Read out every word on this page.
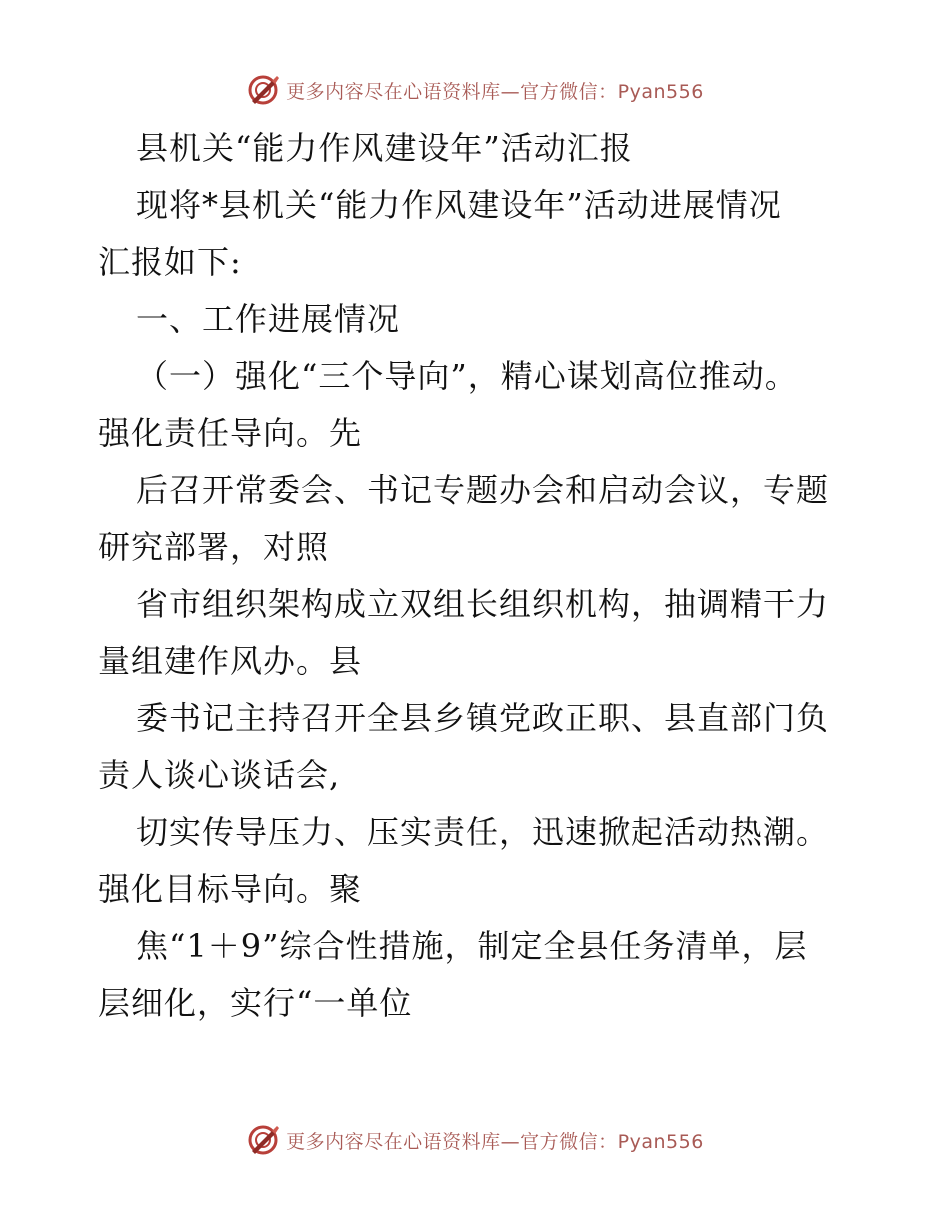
更多内容尽在心语资料库—官方微信：Pyan556
县机关“能力作风建设年”活动汇报
现将*县机关“能力作风建设年”活动进展情况
汇报如下:
一、工作进展情况
（一）强化“三个导向”，精心谋划高位推动。
强化责任导向。先
后召开常委会、书记专题办会和启动会议，专题
研究部署，对照
省市组织架构成立双组长组织机构，抽调精干力
量组建作风办。县
委书记主持召开全县乡镇党政正职、县直部门负
责人谈心谈话会,
切实传导压力、压实责任，迅速掀起活动热潮。
强化目标导向。聚
焦“1＋9”综合性措施，制定全县任务清单，层
层细化，实行“一单位
更多内容尽在心语资料库—官方微信：Pyan556
